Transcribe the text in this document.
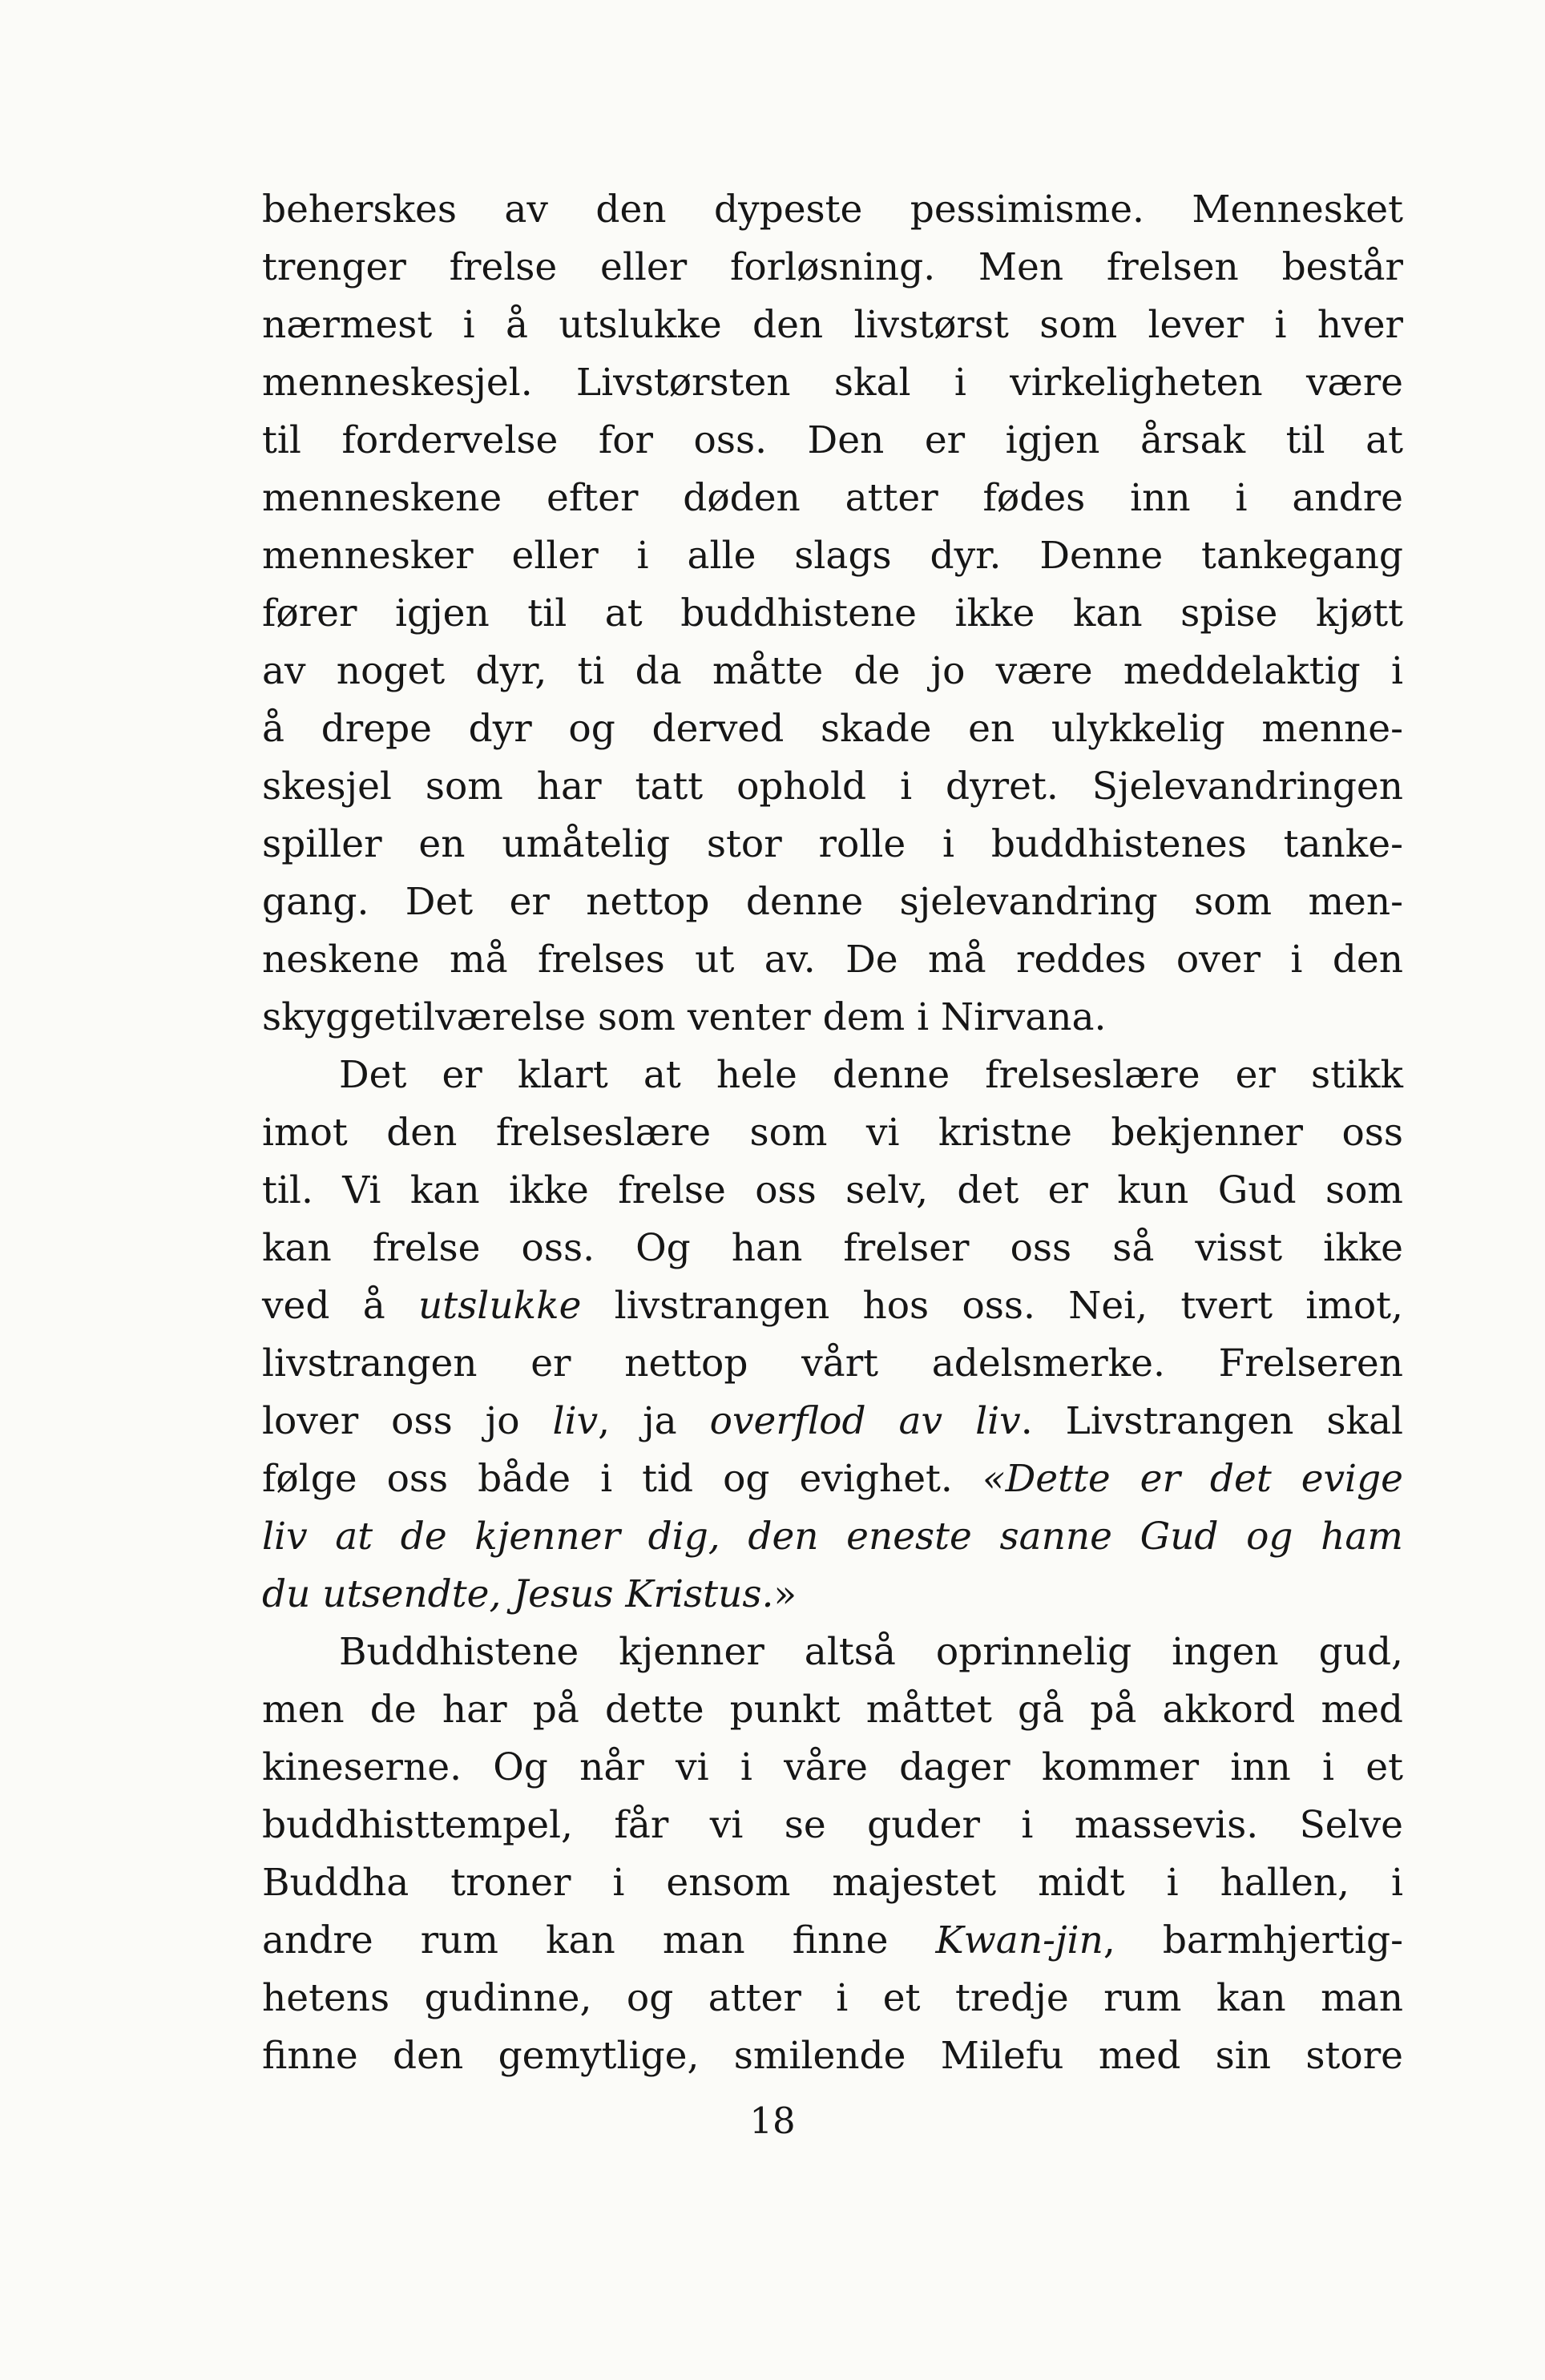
beherskes av den dypeste pessimisme. Mennesket
trenger frelse eller forløsning. Men frelsen består
nærmest i å utslukke den livstørst som lever i hver
menneskesjel. Livstørsten skal i virkeligheten være
til fordervelse for oss. Den er igjen årsak til at
menneskene efter døden atter fødes inn i andre
mennesker eller i alle slags dyr. Denne tankegang
fører igjen til at buddhistene ikke kan spise kjøtt
av noget dyr, ti da måtte de jo være meddelaktig i
å drepe dyr og derved skade en ulykkelig menne-
skesjel som har tatt ophold i dyret. Sjelevandringen
spiller en umåtelig stor rolle i buddhistenes tanke-
gang. Det er nettop denne sjelevandring som men-
neskene må frelses ut av. De må reddes over i den
skyggetilværelse som venter dem i Nirvana.
Det er klart at hele denne frelseslære er stikk
imot den frelseslære som vi kristne bekjenner oss
til. Vi kan ikke frelse oss selv, det er kun Gud som
kan frelse oss. Og han frelser oss så visst ikke
ved å utslukke livstrangen hos oss. Nei, tvert imot,
livstrangen er nettop vårt adelsmerke. Frelseren
lover oss jo liv, ja overflod av liv. Livstrangen skal
følge oss både i tid og evighet. «Dette er det evige
liv at de kjenner dig, den eneste sanne Gud og ham
du utsendte, Jesus Kristus.»
Buddhistene kjenner altså oprinnelig ingen gud,
men de har på dette punkt måttet gå på akkord med
kineserne. Og når vi i våre dager kommer inn i et
buddhisttempel, får vi se guder i massevis. Selve
Buddha troner i ensom majestet midt i hallen, i
andre rum kan man finne Kwan-jin, barmhjertig-
hetens gudinne, og atter i et tredje rum kan man
finne den gemytlige, smilende Milefu med sin store
18
